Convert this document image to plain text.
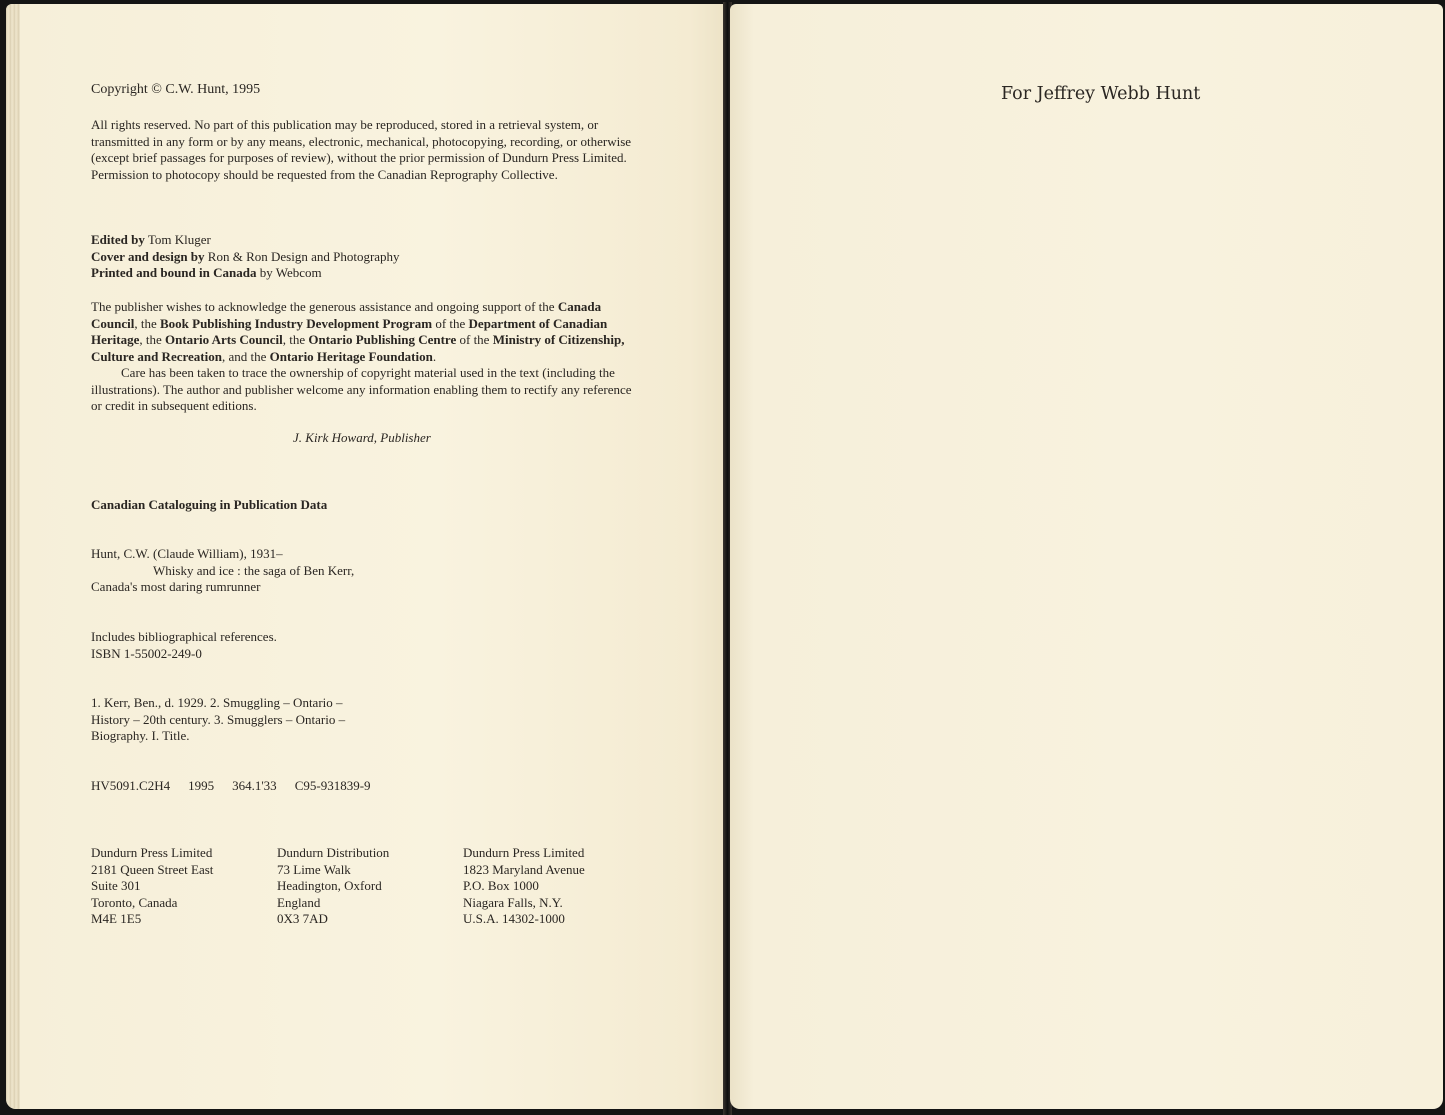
Copyright © C.W. Hunt, 1995
All rights reserved. No part of this publication may be reproduced, stored in a retrieval system, or transmitted in any form or by any means, electronic, mechanical, photocopying, recording, or otherwise (except brief passages for purposes of review), without the prior permission of Dundurn Press Limited. Permission to photocopy should be requested from the Canadian Reprography Collective.
Edited by Tom Kluger
Cover and design by Ron & Ron Design and Photography
Printed and bound in Canada by Webcom

The publisher wishes to acknowledge the generous assistance and ongoing support of the Canada Council, the Book Publishing Industry Development Program of the Department of Canadian Heritage, the Ontario Arts Council, the Ontario Publishing Centre of the Ministry of Citizenship, Culture and Recreation, and the Ontario Heritage Foundation.

Care has been taken to trace the ownership of copyright material used in the text (including the illustrations). The author and publisher welcome any information enabling them to rectify any reference or credit in subsequent editions.

J. Kirk Howard, Publisher
Canadian Cataloguing in Publication Data
Hunt, C.W. (Claude William), 1931–
Whisky and ice : the saga of Ben Kerr,
Canada's most daring rumrunner
Includes bibliographical references.
ISBN 1-55002-249-0
1. Kerr, Ben., d. 1929. 2. Smuggling – Ontario –
History – 20th century. 3. Smugglers – Ontario –
Biography. I. Title.
HV5091.C2H4 1995 364.1'33 C95-931839-9
Dundurn Press Limited
2181 Queen Street East
Suite 301
Toronto, Canada
M4E 1E5
Dundurn Distribution
73 Lime Walk
Headington, Oxford
England
0X3 7AD
Dundurn Press Limited
1823 Maryland Avenue
P.O. Box 1000
Niagara Falls, N.Y.
U.S.A. 14302-1000
For Jeffrey Webb Hunt
